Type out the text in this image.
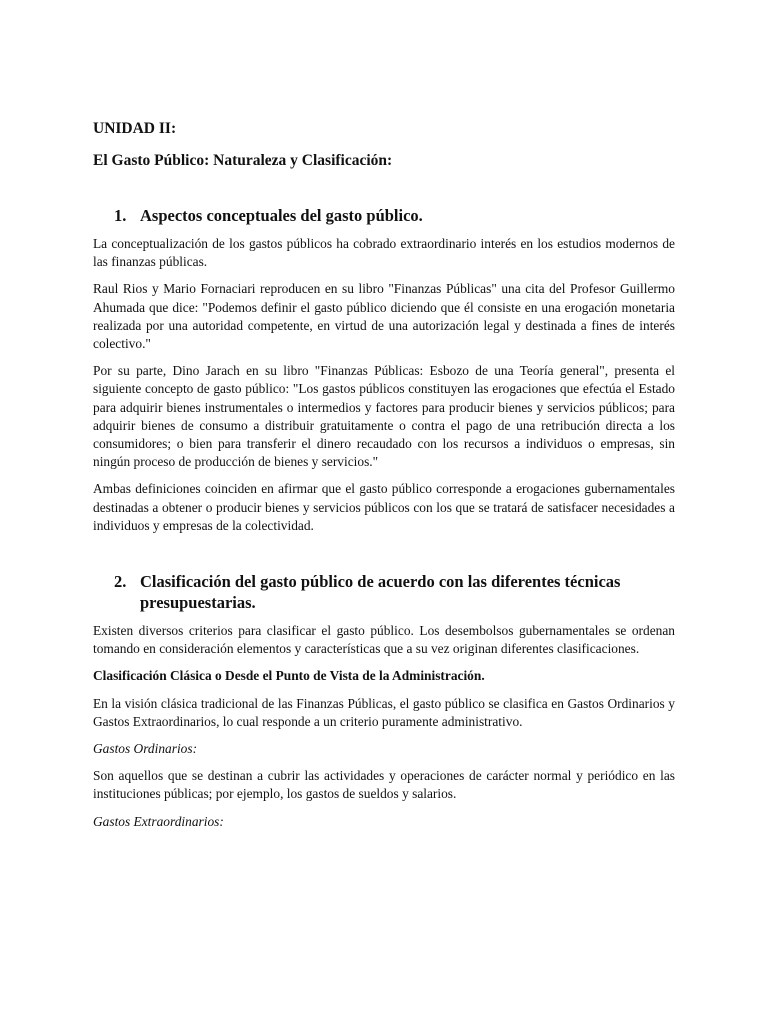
UNIDAD II:
El Gasto Público: Naturaleza y Clasificación:
1. Aspectos conceptuales del gasto público.

La conceptualización de los gastos públicos ha cobrado extraordinario interés en los estudios modernos de las finanzas públicas.

Raul Rios y Mario Fornaciari reproducen en su libro "Finanzas Públicas" una cita del Profesor Guillermo Ahumada que dice: "Podemos definir el gasto público diciendo que él consiste en una erogación monetaria realizada por una autoridad competente, en virtud de una autorización legal y destinada a fines de interés colectivo."

Por su parte, Dino Jarach en su libro "Finanzas Públicas: Esbozo de una Teoría general", presenta el siguiente concepto de gasto público: "Los gastos públicos constituyen las erogaciones que efectúa el Estado para adquirir bienes instrumentales o intermedios y factores para producir bienes y servicios públicos; para adquirir bienes de consumo a distribuir gratuitamente o contra el pago de una retribución directa a los consumidores; o bien para transferir el dinero recaudado con los recursos a individuos o empresas, sin ningún proceso de producción de bienes y servicios."

Ambas definiciones coinciden en afirmar que el gasto público corresponde a erogaciones gubernamentales destinadas a obtener o producir bienes y servicios públicos con los que se tratará de satisfacer necesidades a individuos y empresas de la colectividad.

2. Clasificación del gasto público de acuerdo con las diferentes técnicas presupuestarias.

Existen diversos criterios para clasificar el gasto público. Los desembolsos gubernamentales se ordenan tomando en consideración elementos y características que a su vez originan diferentes clasificaciones.

Clasificación Clásica o Desde el Punto de Vista de la Administración.

En la visión clásica tradicional de las Finanzas Públicas, el gasto público se clasifica en Gastos Ordinarios y Gastos Extraordinarios, lo cual responde a un criterio puramente administrativo.

Gastos Ordinarios:

Son aquellos que se destinan a cubrir las actividades y operaciones de carácter normal y periódico en las instituciones públicas; por ejemplo, los gastos de sueldos y salarios.

Gastos Extraordinarios:
